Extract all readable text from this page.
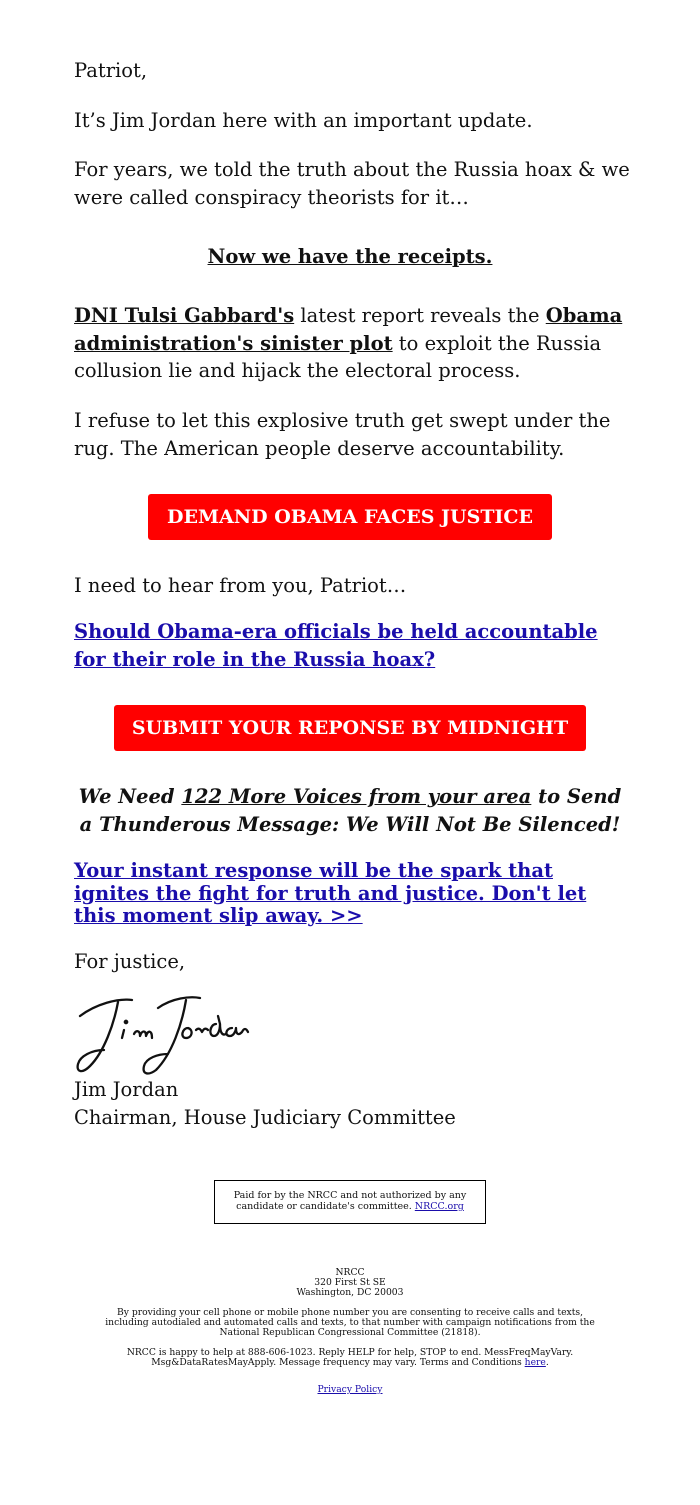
Patriot,

It’s Jim Jordan here with an important update.

For years, we told the truth about the Russia hoax & we were called conspiracy theorists for it…

Now we have the receipts.

DNI Tulsi Gabbard's latest report reveals the Obama administration's sinister plot to exploit the Russia collusion lie and hijack the electoral process.

I refuse to let this explosive truth get swept under the rug. The American people deserve accountability.

DEMAND OBAMA FACES JUSTICE

I need to hear from you, Patriot…

Should Obama-era officials be held accountable for their role in the Russia hoax?

SUBMIT YOUR REPONSE BY MIDNIGHT

We Need 122 More Voices from your area to Send a Thunderous Message: We Will Not Be Silenced!

Your instant response will be the spark that ignites the fight for truth and justice. Don't let this moment slip away. >>

For justice,

Jim Jordan

Chairman, House Judiciary Committee

Paid for by the NRCC and not authorized by any candidate or candidate's committee. NRCC.org

NRCC

320 First St SE

Washington, DC 20003

By providing your cell phone or mobile phone number you are consenting to receive calls and texts, including autodialed and automated calls and texts, to that number with campaign notifications from the National Republican Congressional Committee (21818).

NRCC is happy to help at 888-606-1023. Reply HELP for help, STOP to end. MessFreqMayVary. Msg&DataRatesMayApply. Message frequency may vary. Terms and Conditions here.

Privacy Policy
